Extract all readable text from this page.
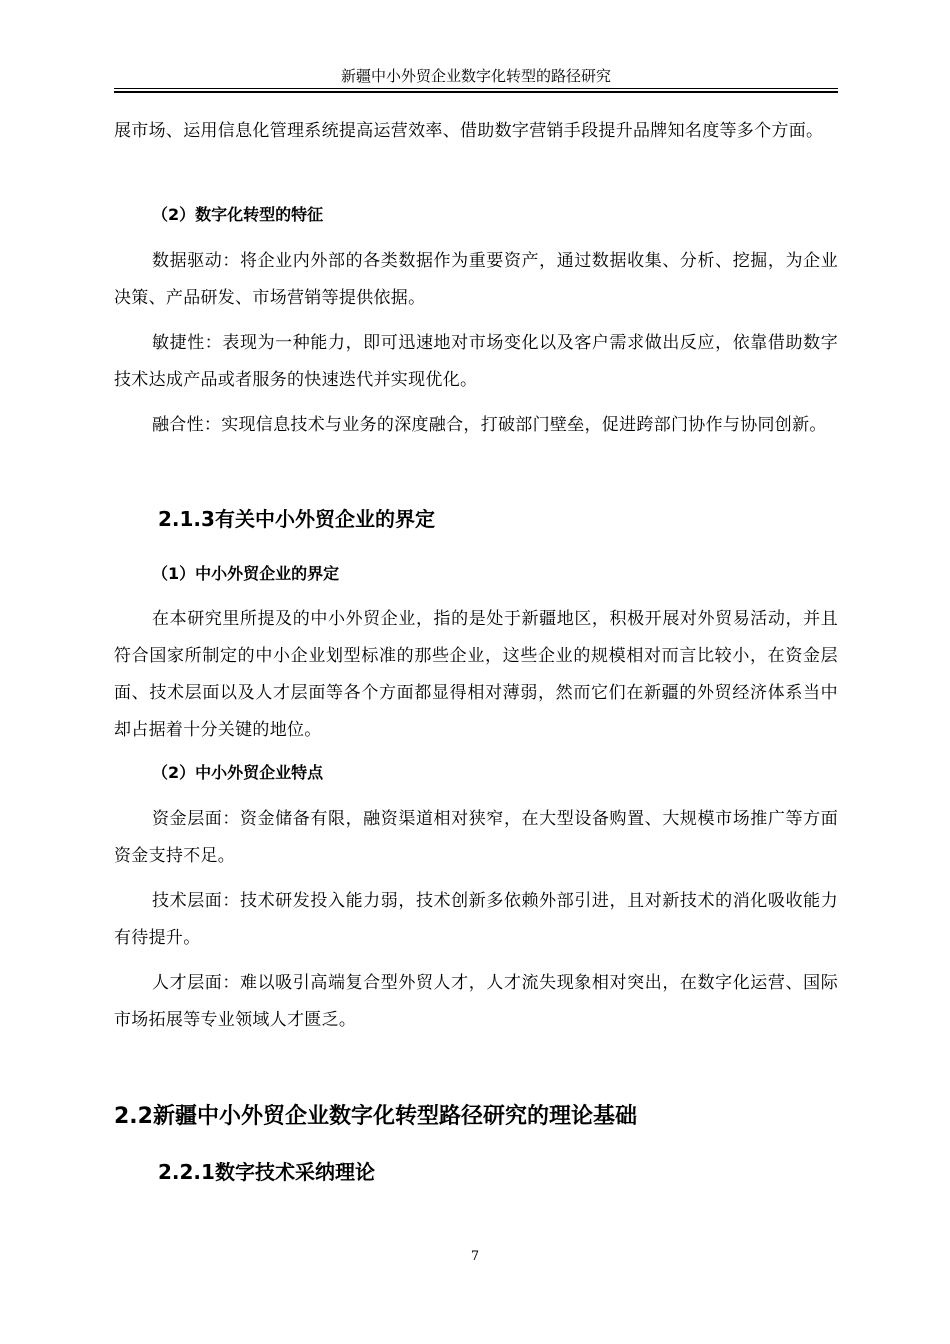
新疆中小外贸企业数字化转型的路径研究

展市场、运用信息化管理系统提高运营效率、借助数字营销手段提升品牌知名度等多个方面。

（2）数字化转型的特征

数据驱动：将企业内外部的各类数据作为重要资产，通过数据收集、分析、挖掘，为企业决策、产品研发、市场营销等提供依据。

敏捷性：表现为一种能力，即可迅速地对市场变化以及客户需求做出反应，依靠借助数字技术达成产品或者服务的快速迭代并实现优化。

融合性：实现信息技术与业务的深度融合，打破部门壁垒，促进跨部门协作与协同创新。

2.1.3有关中小外贸企业的界定

（1）中小外贸企业的界定

在本研究里所提及的中小外贸企业，指的是处于新疆地区，积极开展对外贸易活动，并且符合国家所制定的中小企业划型标准的那些企业，这些企业的规模相对而言比较小，在资金层面、技术层面以及人才层面等各个方面都显得相对薄弱，然而它们在新疆的外贸经济体系当中却占据着十分关键的地位。

（2）中小外贸企业特点

资金层面：资金储备有限，融资渠道相对狭窄，在大型设备购置、大规模市场推广等方面资金支持不足。

技术层面：技术研发投入能力弱，技术创新多依赖外部引进，且对新技术的消化吸收能力有待提升。

人才层面：难以吸引高端复合型外贸人才，人才流失现象相对突出，在数字化运营、国际市场拓展等专业领域人才匮乏。

2.2新疆中小外贸企业数字化转型路径研究的理论基础
2.2.1数字技术采纳理论
7
